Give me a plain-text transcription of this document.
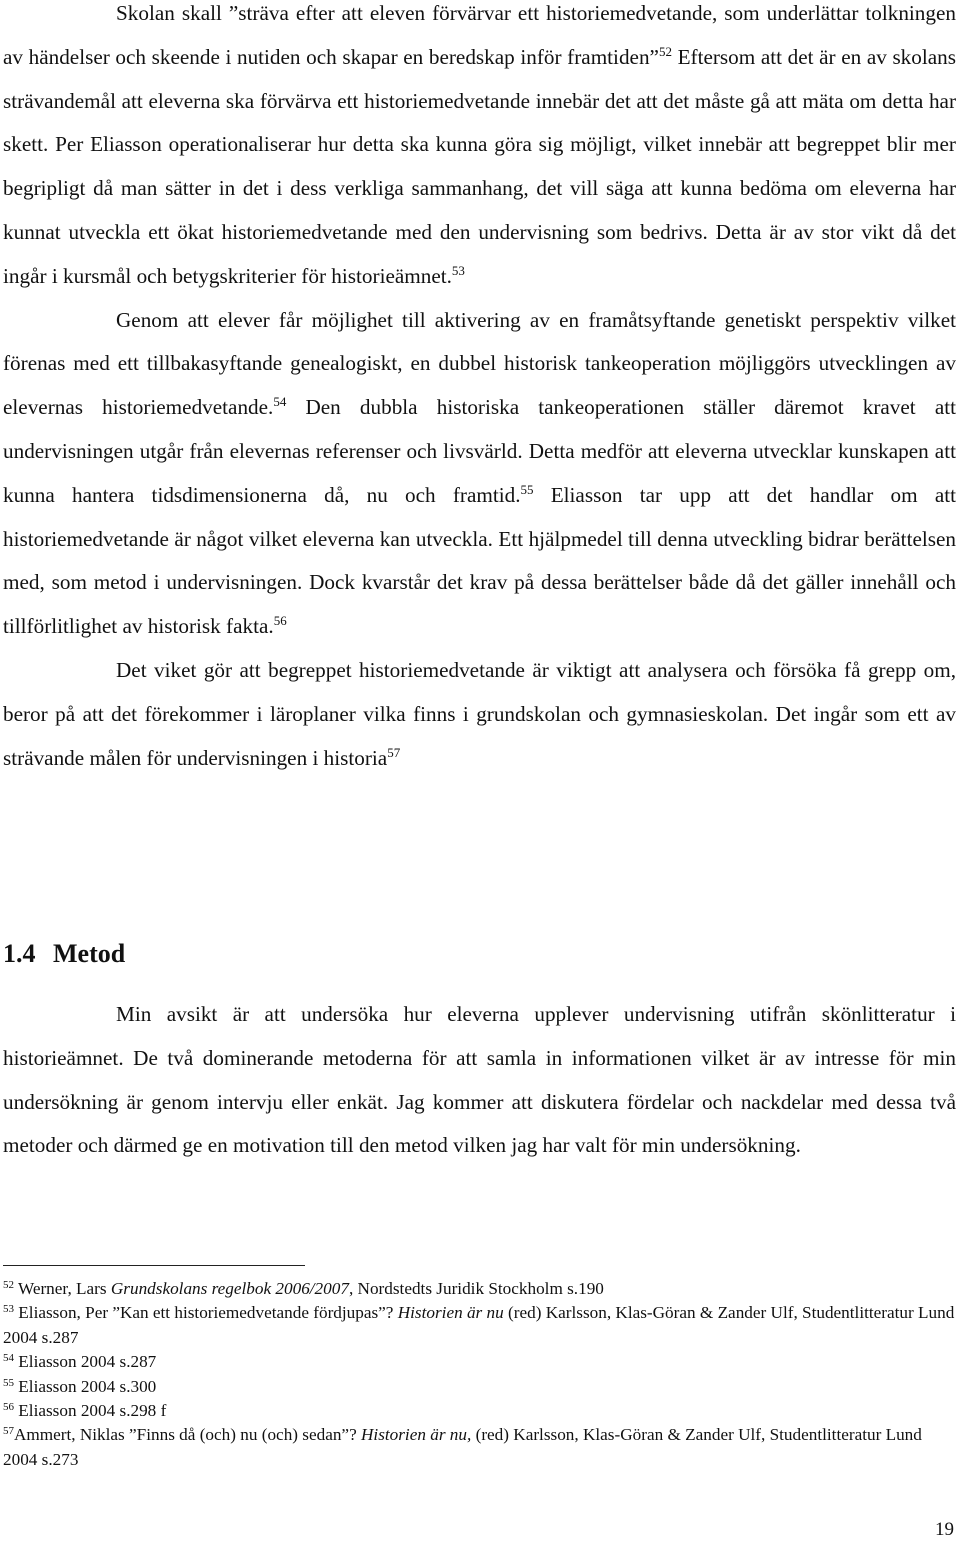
Skolan skall ”sträva efter att eleven förvärvar ett historiemedvetande, som underlättar tolkningen av händelser och skeende i nutiden och skapar en beredskap inför framtiden”$^{52}$ Eftersom att det är en av skolans strävandemål att eleverna ska förvärva ett historiemedvetande innebär det att det måste gå att mäta om detta har skett. Per Eliasson operationaliserar hur detta ska kunna göra sig möjligt, vilket innebär att begreppet blir mer begripligt då man sätter in det i dess verkliga sammanhang, det vill säga att kunna bedöma om eleverna har kunnat utveckla ett ökat historiemedvetande med den undervisning som bedrivs. Detta är av stor vikt då det ingår i kursmål och betygskriterier för historieämnet.$^{53}$

Genom att elever får möjlighet till aktivering av en framåtsyftande genetiskt perspektiv vilket förenas med ett tillbakasyftande genealogiskt, en dubbel historisk tankeoperation möjliggörs utvecklingen av elevernas historiemedvetande.$^{54}$ Den dubbla historiska tankeoperationen ställer däremot kravet att undervisningen utgår från elevernas referenser och livsvärld. Detta medför att eleverna utvecklar kunskapen att kunna hantera tidsdimensionerna då, nu och framtid.$^{55}$ Eliasson tar upp att det handlar om att historiemedvetande är något vilket eleverna kan utveckla. Ett hjälpmedel till denna utveckling bidrar berättelsen med, som metod i undervisningen. Dock kvarstår det krav på dessa berättelser både då det gäller innehåll och tillförlitlighet av historisk fakta.$^{56}$

Det viket gör att begreppet historiemedvetande är viktigt att analysera och försöka få grepp om, beror på att det förekommer i läroplaner vilka finns i grundskolan och gymnasieskolan. Det ingår som ett av strävande målen för undervisningen i historia$^{57}$

1.4 Metod

Min avsikt är att undersöka hur eleverna upplever undervisning utifrån skönlitteratur i historieämnet. De två dominerande metoderna för att samla in informationen vilket är av intresse för min undersökning är genom intervju eller enkät. Jag kommer att diskutera fördelar och nackdelar med dessa två metoder och därmed ge en motivation till den metod vilken jag har valt för min undersökning.

$^{52}$ Werner, Lars Grundskolans regelbok 2006/2007, Nordstedts Juridik Stockholm s.190

$^{53}$ Eliasson, Per ”Kan ett historiemedvetande fördjupas”? Historien är nu (red) Karlsson, Klas-Göran & Zander Ulf, Studentlitteratur Lund 2004 s.287

$^{54}$ Eliasson 2004 s.287

$^{55}$ Eliasson 2004 s.300

$^{56}$ Eliasson 2004 s.298 f

$^{57}$Ammert, Niklas ”Finns då (och) nu (och) sedan”? Historien är nu, (red) Karlsson, Klas-Göran & Zander Ulf, Studentlitteratur Lund 2004 s.273

19
